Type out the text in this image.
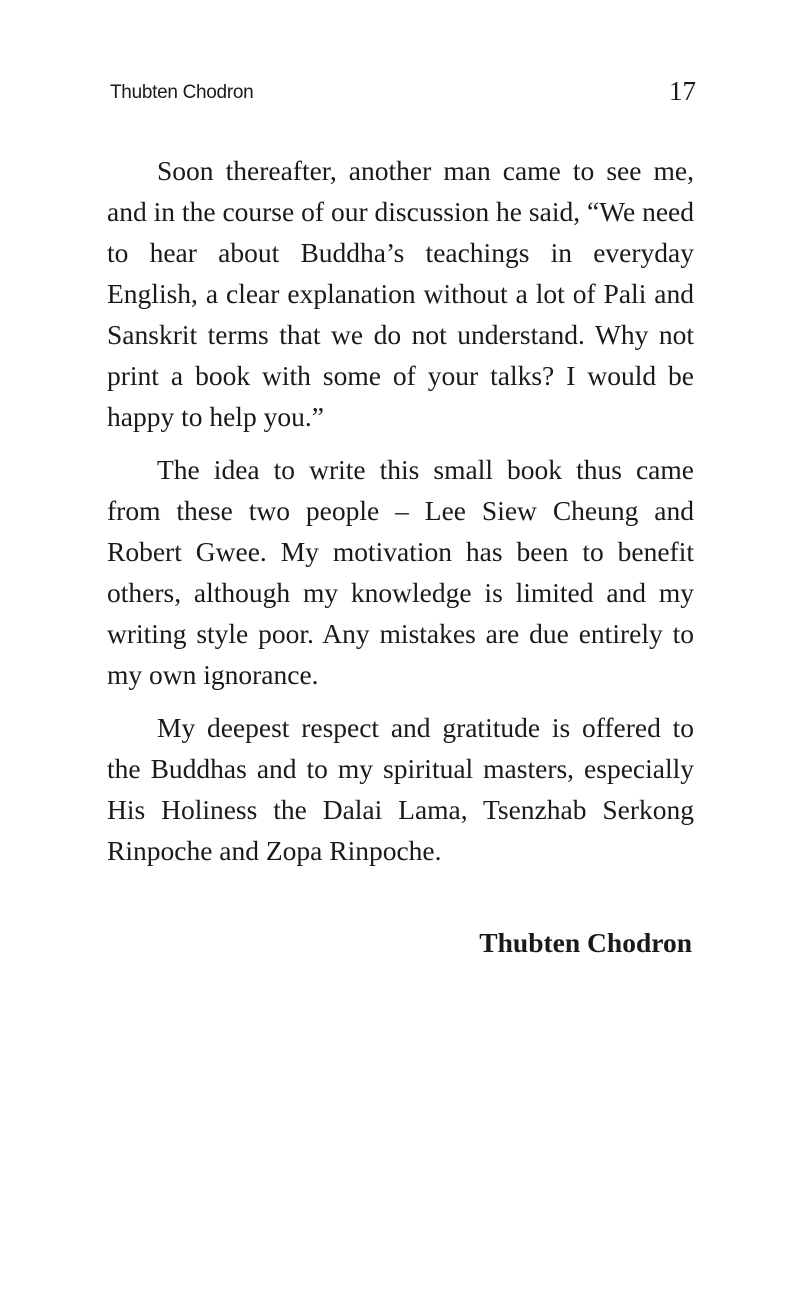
Thubten Chodron	17

Soon thereafter, another man came to see me, and in the course of our discussion he said, “We need to hear about Buddha’s teachings in everyday English, a clear explanation without a lot of Pali and Sanskrit terms that we do not understand. Why not print a book with some of your talks? I would be happy to help you.”

The idea to write this small book thus came from these two people – Lee Siew Cheung and Robert Gwee. My motivation has been to benefit others, although my knowledge is limited and my writing style poor. Any mistakes are due entirely to my own ignorance.

My deepest respect and gratitude is offered to the Buddhas and to my spiritual masters, especially His Holiness the Dalai Lama, Tsenzhab Serkong Rinpoche and Zopa Rinpoche.

Thubten Chodron
